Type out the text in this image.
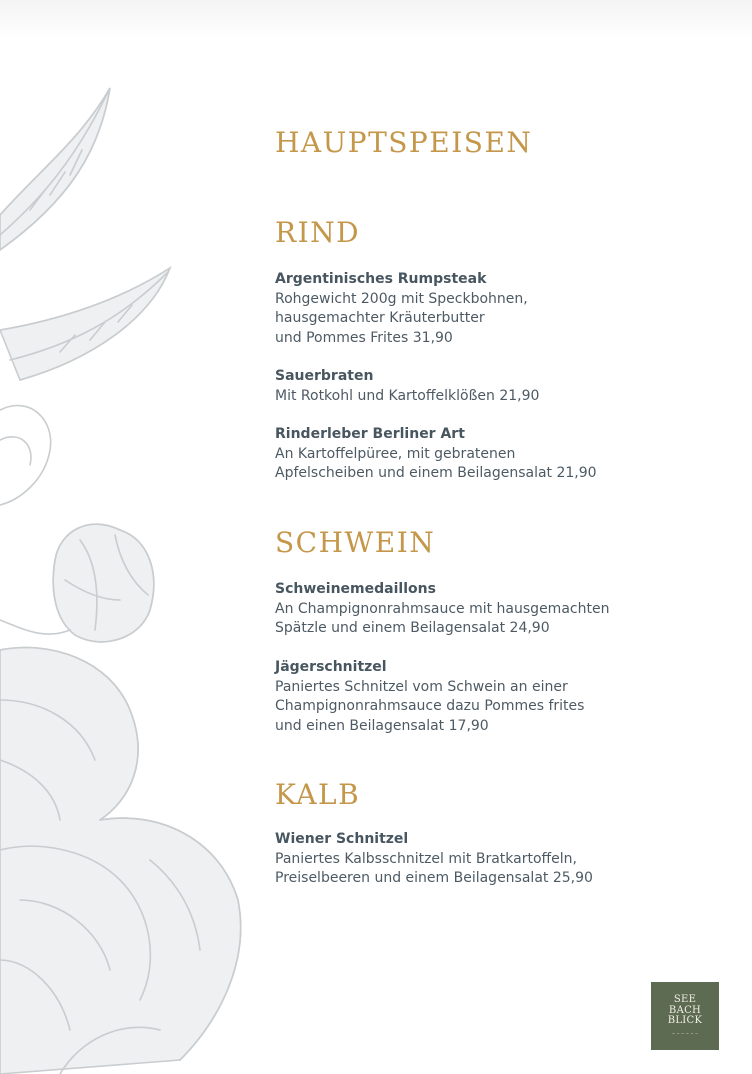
HAUPTSPEISEN
RIND
Argentinisches Rumpsteak
Rohgewicht 200g mit Speckbohnen,
hausgemachter Kräuterbutter
und Pommes Frites 31,90
Sauerbraten
Mit Rotkohl und Kartoffelklößen 21,90
Rinderleber Berliner Art
An Kartoffelpüree, mit gebratenen
Apfelscheiben und einem Beilagensalat 21,90
SCHWEIN
Schweinemedaillons
An Champignonrahmsauce mit hausgemachten
Spätzle und einem Beilagensalat 24,90
Jägerschnitzel
Paniertes Schnitzel vom Schwein an einer
Champignonrahmsauce dazu Pommes frites
und einen Beilagensalat 17,90
KALB
Wiener Schnitzel
Paniertes Kalbsschnitzel mit Bratkartoffeln,
Preiselbeeren und einem Beilagensalat 25,90
SEE
BACH
BLICK
~ ~ ~ ~ ~ ~
